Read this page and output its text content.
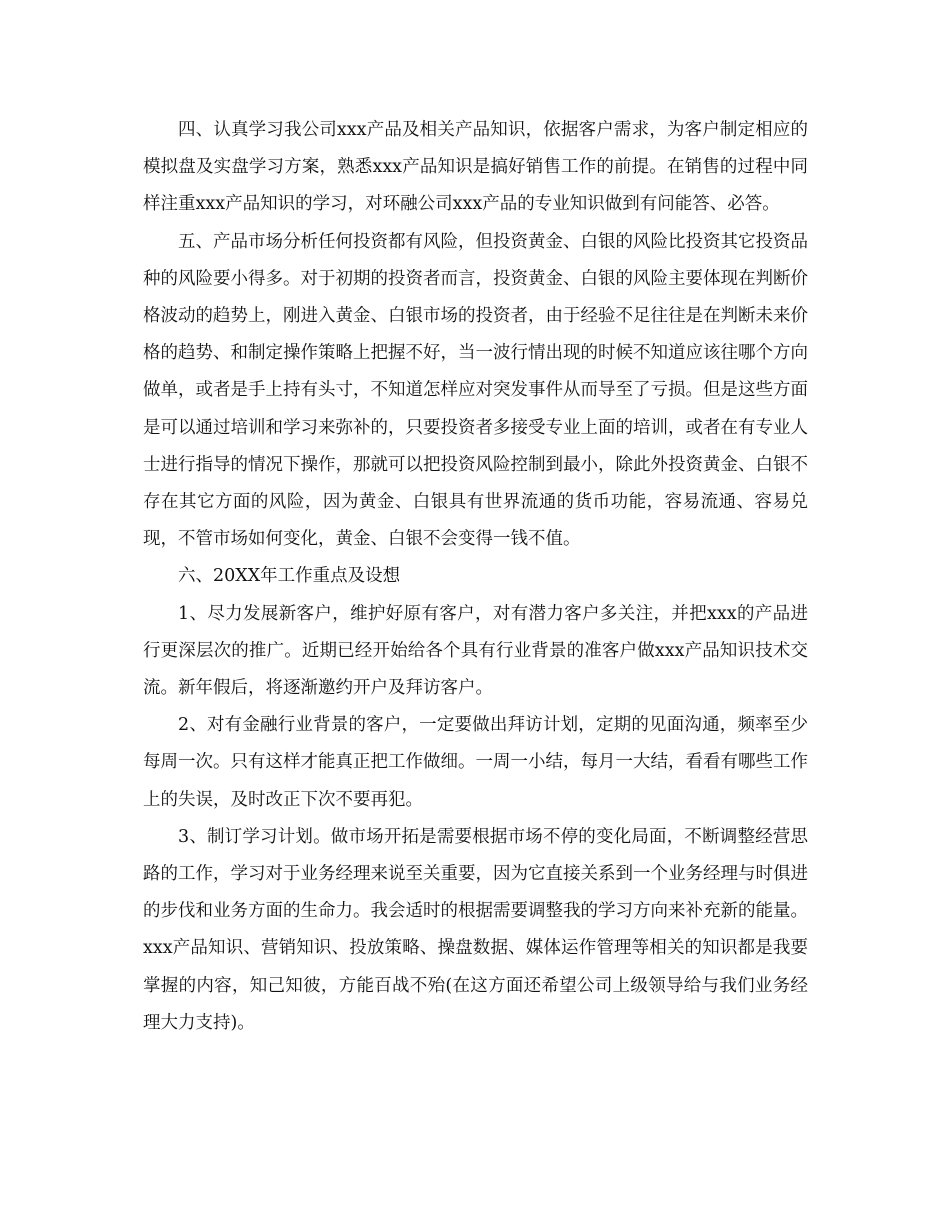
四、认真学习我公司xxx产品及相关产品知识，依据客户需求，为客户制定相应的模拟盘及实盘学习方案，熟悉xxx产品知识是搞好销售工作的前提。在销售的过程中同样注重xxx产品知识的学习，对环融公司xxx产品的专业知识做到有问能答、必答。

五、产品市场分析任何投资都有风险，但投资黄金、白银的风险比投资其它投资品种的风险要小得多。对于初期的投资者而言，投资黄金、白银的风险主要体现在判断价格波动的趋势上，刚进入黄金、白银市场的投资者，由于经验不足往往是在判断未来价格的趋势、和制定操作策略上把握不好，当一波行情出现的时候不知道应该往哪个方向做单，或者是手上持有头寸，不知道怎样应对突发事件从而导至了亏损。但是这些方面是可以通过培训和学习来弥补的，只要投资者多接受专业上面的培训，或者在有专业人士进行指导的情况下操作，那就可以把投资风险控制到最小，除此外投资黄金、白银不存在其它方面的风险，因为黄金、白银具有世界流通的货币功能，容易流通、容易兑现，不管市场如何变化，黄金、白银不会变得一钱不值。

六、20XX年工作重点及设想

1、尽力发展新客户，维护好原有客户，对有潜力客户多关注，并把xxx的产品进行更深层次的推广。近期已经开始给各个具有行业背景的准客户做xxx产品知识技术交流。新年假后，将逐渐邀约开户及拜访客户。

2、对有金融行业背景的客户，一定要做出拜访计划，定期的见面沟通，频率至少每周一次。只有这样才能真正把工作做细。一周一小结，每月一大结，看看有哪些工作上的失误，及时改正下次不要再犯。

3、制订学习计划。做市场开拓是需要根据市场不停的变化局面，不断调整经营思路的工作，学习对于业务经理来说至关重要，因为它直接关系到一个业务经理与时俱进的步伐和业务方面的生命力。我会适时的根据需要调整我的学习方向来补充新的能量。xxx产品知识、营销知识、投放策略、操盘数据、媒体运作管理等相关的知识都是我要掌握的内容，知己知彼，方能百战不殆(在这方面还希望公司上级领导给与我们业务经理大力支持)。
